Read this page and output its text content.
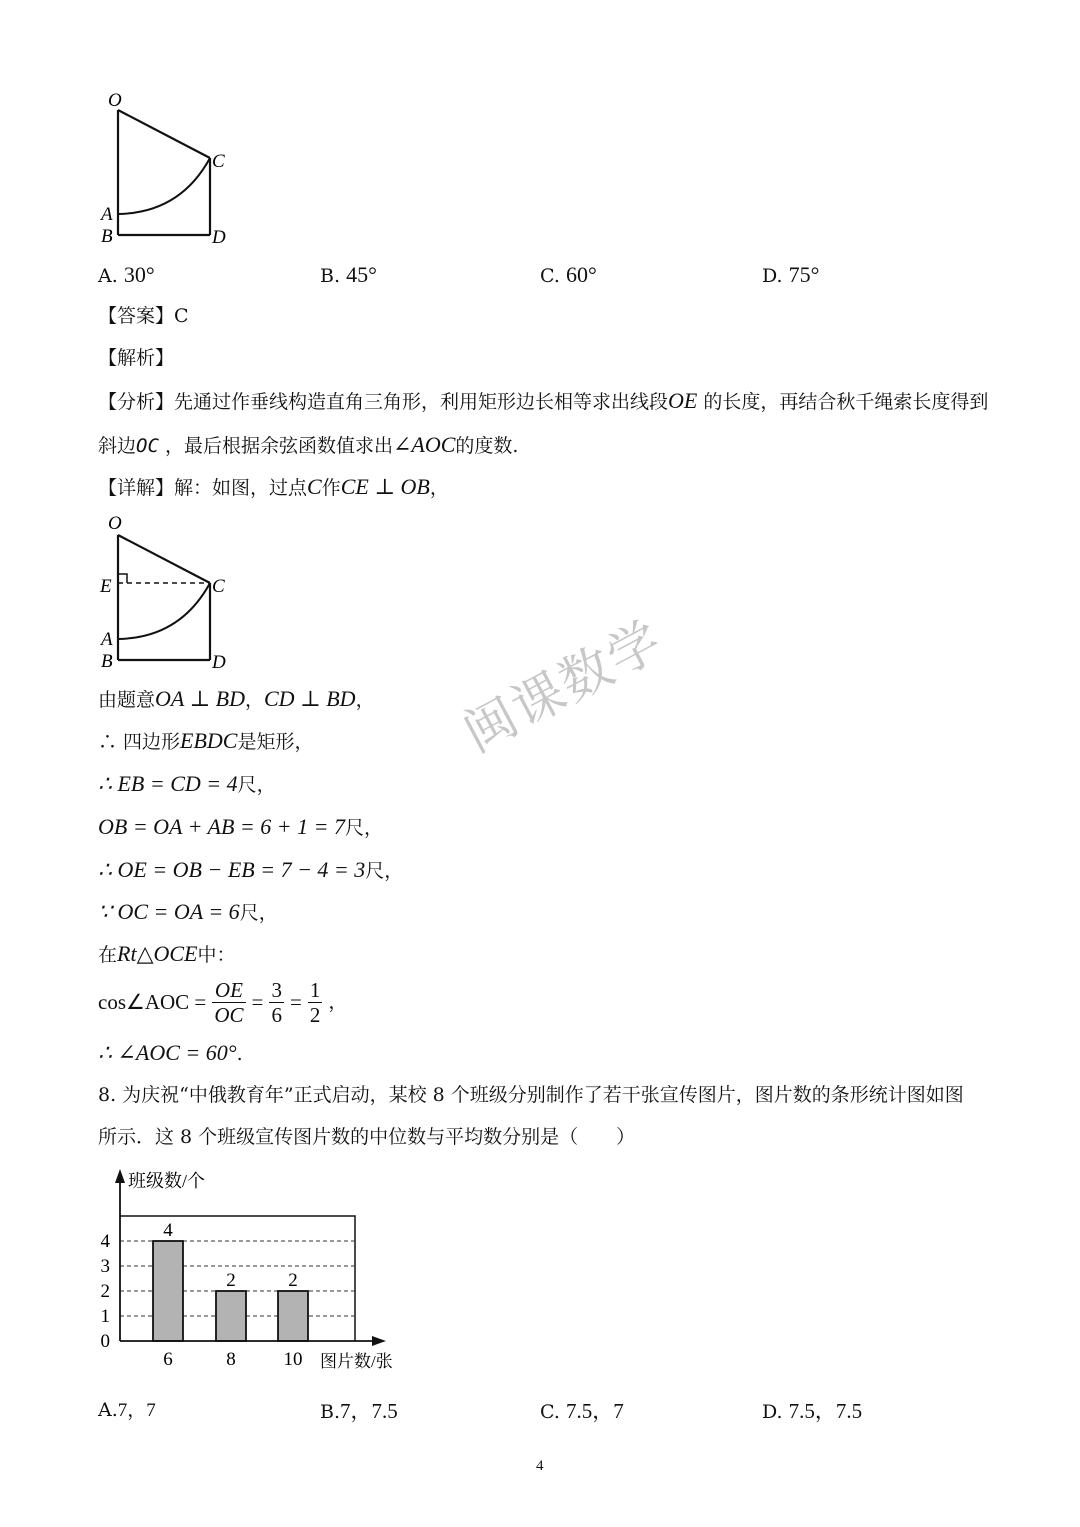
O
C
A
B	D
A. 30°	B. 45°	C. 60°	D. 75°
【答案】C
【解析】
【分析】先通过作垂线构造直角三角形，利用矩形边长相等求出线段OE 的长度，再结合秋千绳索长度得到
斜边OC ，最后根据余弦函数值求出∠AOC的度数.
【详解】解：如图，过点C作CE ⊥ OB，
O
E	C
A
B	D
由题意OA ⊥ BD，CD ⊥ BD，
∴ 四边形EBDC是矩形，
∴ EB = CD = 4尺，
OB = OA + AB = 6 + 1 = 7尺，
∴ OE = OB − EB = 7 − 4 = 3尺，
∵ OC = OA = 6尺，
在Rt△OCE中：
cos∠AOC = $\frac{OE}{OC} = \frac{3}{6} = \frac{1}{2}$ ，
∴ ∠AOC = 60°.
8. 为庆祝“中俄教育年”正式启动，某校 8 个班级分别制作了若干张宣传图片，图片数的条形统计图如图
所示．这 8 个班级宣传图片数的中位数与平均数分别是（　　）
班级数/个
图片数/张
4
6
2
8
2
10
0
1
2
3
4
A.7，7	B.7，7.5	C. 7.5，7	D. 7.5，7.5
4
闽课数学
